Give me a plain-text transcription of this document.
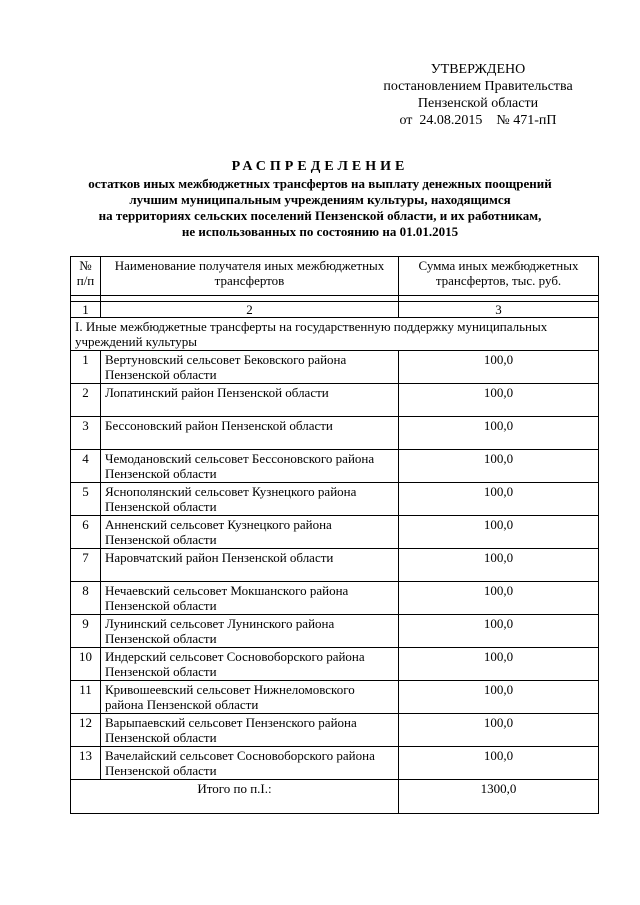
УТВЕРЖДЕНО
постановлением Правительства
Пензенской области
от 24.08.2015 № 471-пП
РАСПРЕДЕЛЕНИЕ
остатков иных межбюджетных трансфертов на выплату денежных поощрений
лучшим муниципальным учреждениям культуры, находящимся
на территориях сельских поселений Пензенской области, и их работникам,
не использованных по состоянию на 01.01.2015
№ п/п	Наименование получателя иных межбюджетных трансфертов	Сумма иных межбюджетных трансфертов, тыс. руб.

1	2	3
I. Иные межбюджетные трансферты на государственную поддержку муниципальных учреждений культуры		
1	Вертуновский сельсовет Бековского района Пензенской области	100,0
2	Лопатинский район Пензенской области	100,0
3	Бессоновский район Пензенской области	100,0
4	Чемодановский сельсовет Бессоновского района Пензенской области	100,0
5	Яснополянский сельсовет Кузнецкого района Пензенской области	100,0
6	Анненский сельсовет Кузнецкого района Пензенской области	100,0
7	Наровчатский район Пензенской области	100,0
8	Нечаевский сельсовет Мокшанского района Пензенской области	100,0
9	Лунинский сельсовет Лунинского района Пензенской области	100,0
10	Индерский сельсовет Сосновоборского района Пензенской области	100,0
11	Кривошеевский сельсовет Нижнеломовского района Пензенской области	100,0
12	Варыпаевский сельсовет Пензенского района Пензенской области	100,0
13	Вачелайский сельсовет Сосновоборского района Пензенской области	100,0
Итого по п.I.:		1300,0
